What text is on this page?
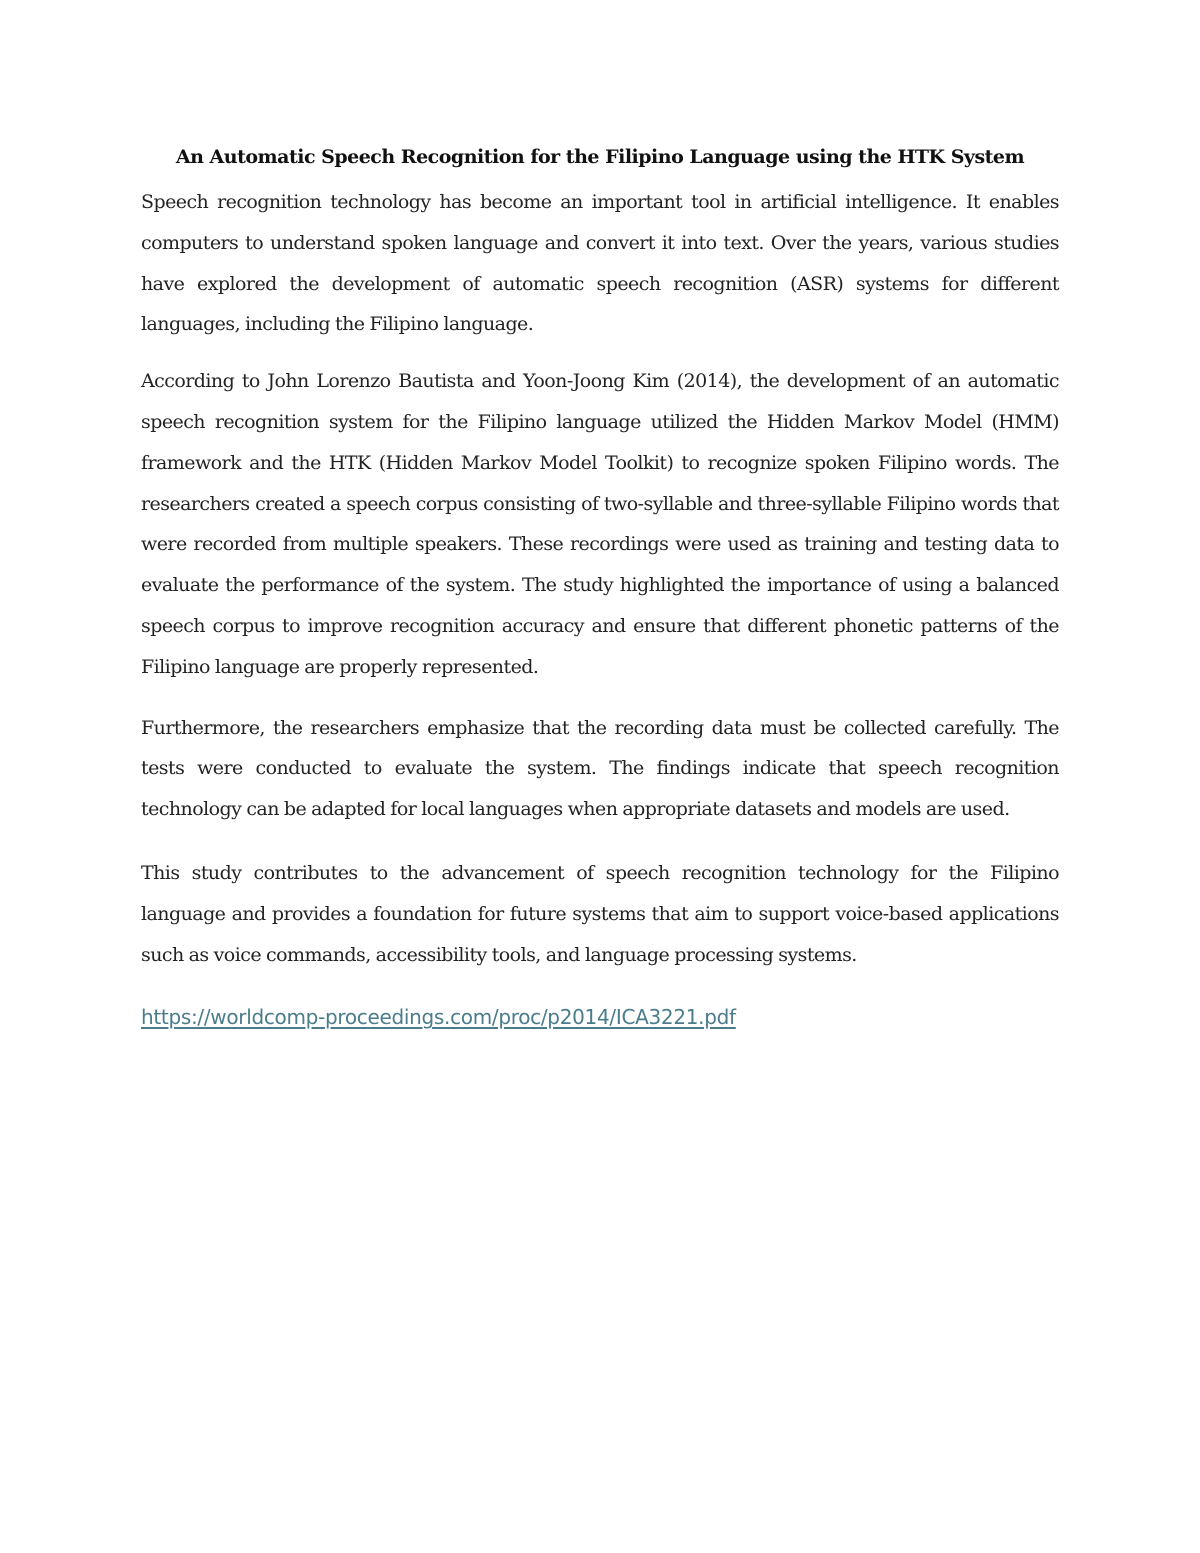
An Automatic Speech Recognition for the Filipino Language using the HTK System

Speech recognition technology has become an important tool in artificial intelligence. It enables computers to understand spoken language and convert it into text. Over the years, various studies have explored the development of automatic speech recognition (ASR) systems for different languages, including the Filipino language.

According to John Lorenzo Bautista and Yoon-Joong Kim (2014), the development of an automatic speech recognition system for the Filipino language utilized the Hidden Markov Model (HMM) framework and the HTK (Hidden Markov Model Toolkit) to recognize spoken Filipino words. The researchers created a speech corpus consisting of two-syllable and three-syllable Filipino words that were recorded from multiple speakers. These recordings were used as training and testing data to evaluate the performance of the system. The study highlighted the importance of using a balanced speech corpus to improve recognition accuracy and ensure that different phonetic patterns of the Filipino language are properly represented.

Furthermore, the researchers emphasize that the recording data must be collected carefully. The tests were conducted to evaluate the system. The findings indicate that speech recognition technology can be adapted for local languages when appropriate datasets and models are used.

This study contributes to the advancement of speech recognition technology for the Filipino language and provides a foundation for future systems that aim to support voice-based applications such as voice commands, accessibility tools, and language processing systems.

https://worldcomp-proceedings.com/proc/p2014/ICA3221.pdf
